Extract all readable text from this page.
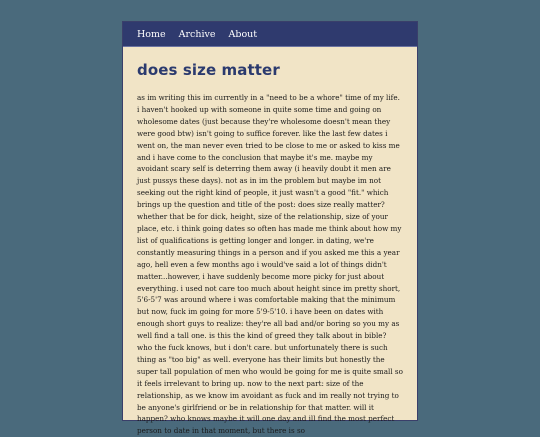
Home Archive About
does size matter

as im writing this im currently in a "need to be a whore" time of my life. i haven't hooked up with someone in quite some time and going on wholesome dates (just because they're wholesome doesn't mean they were good btw) isn't going to suffice forever. like the last few dates i went on, the man never even tried to be close to me or asked to kiss me and i have come to the conclusion that maybe it's me. maybe my avoidant scary self is deterring them away (i heavily doubt it men are just pussys these days). not as in im the problem but maybe im not seeking out the right kind of people, it just wasn't a good "fit." which brings up the question and title of the post: does size really matter? whether that be for dick, height, size of the relationship, size of your place, etc. i think going dates so often has made me think about how my list of qualifications is getting longer and longer. in dating, we're constantly measuring things in a person and if you asked me this a year ago, hell even a few months ago i would've said a lot of things didn't matter...however, i have suddenly become more picky for just about everything. i used not care too much about height since im pretty short, 5'6-5'7 was around where i was comfortable making that the minimum but now, fuck im going for more 5'9-5'10. i have been on dates with enough short guys to realize: they're all bad and/or boring so you my as well find a tall one. is this the kind of greed they talk about in bible? who the fuck knows, but i don't care. but unfortunately there is such thing as "too big" as well. everyone has their limits but honestly the super tall population of men who would be going for me is quite small so it feels irrelevant to bring up. now to the next part: size of the relationship, as we know im avoidant as fuck and im really not trying to be anyone's girlfriend or be in relationship for that matter. will it happen? who knows maybe it will one day and ill find the most perfect person to date in that moment, but there is so
